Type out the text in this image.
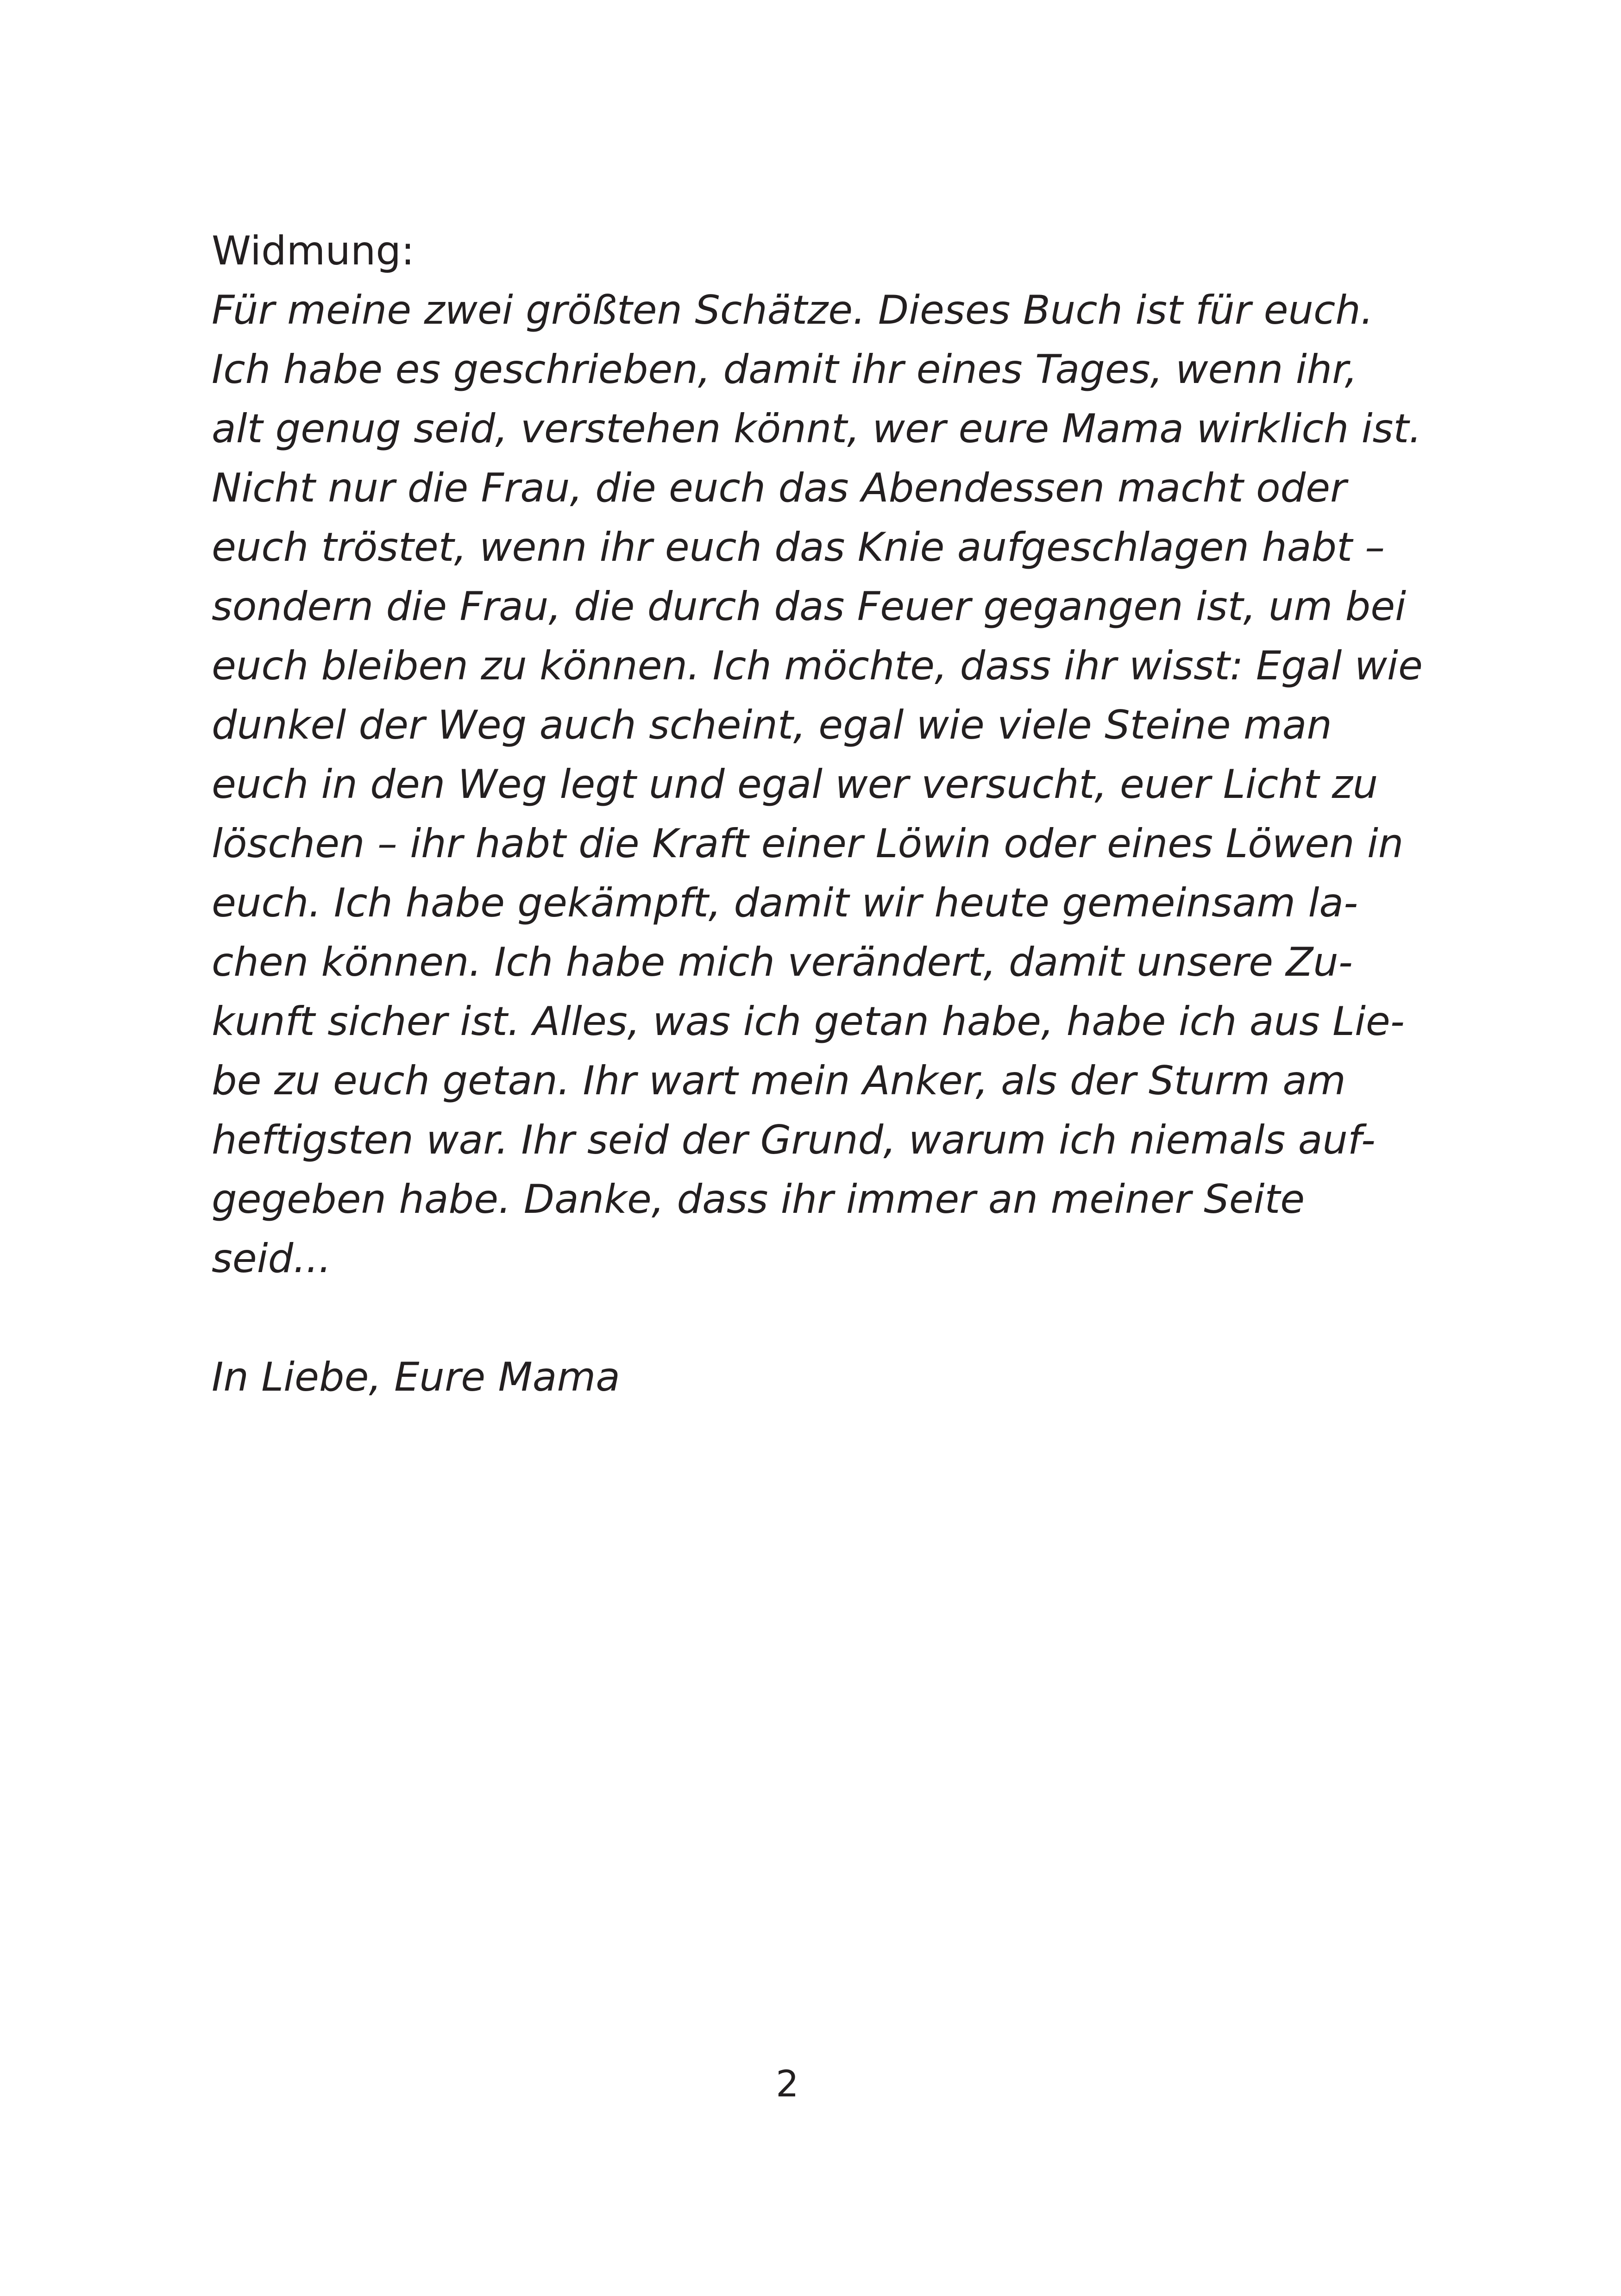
Widmung:
Für meine zwei größten Schätze. Dieses Buch ist für euch.
Ich habe es geschrieben, damit ihr eines Tages, wenn ihr,
alt genug seid, verstehen könnt, wer eure Mama wirklich ist.
Nicht nur die Frau, die euch das Abendessen macht oder
euch tröstet, wenn ihr euch das Knie aufgeschlagen habt –
sondern die Frau, die durch das Feuer gegangen ist, um bei
euch bleiben zu können. Ich möchte, dass ihr wisst: Egal wie
dunkel der Weg auch scheint, egal wie viele Steine man
euch in den Weg legt und egal wer versucht, euer Licht zu
löschen – ihr habt die Kraft einer Löwin oder eines Löwen in
euch. Ich habe gekämpft, damit wir heute gemeinsam la-
chen können. Ich habe mich verändert, damit unsere Zu-
kunft sicher ist. Alles, was ich getan habe, habe ich aus Lie-
be zu euch getan. Ihr wart mein Anker, als der Sturm am
heftigsten war. Ihr seid der Grund, warum ich niemals auf-
gegeben habe. Danke, dass ihr immer an meiner Seite
seid...
In Liebe, Eure Mama
2
